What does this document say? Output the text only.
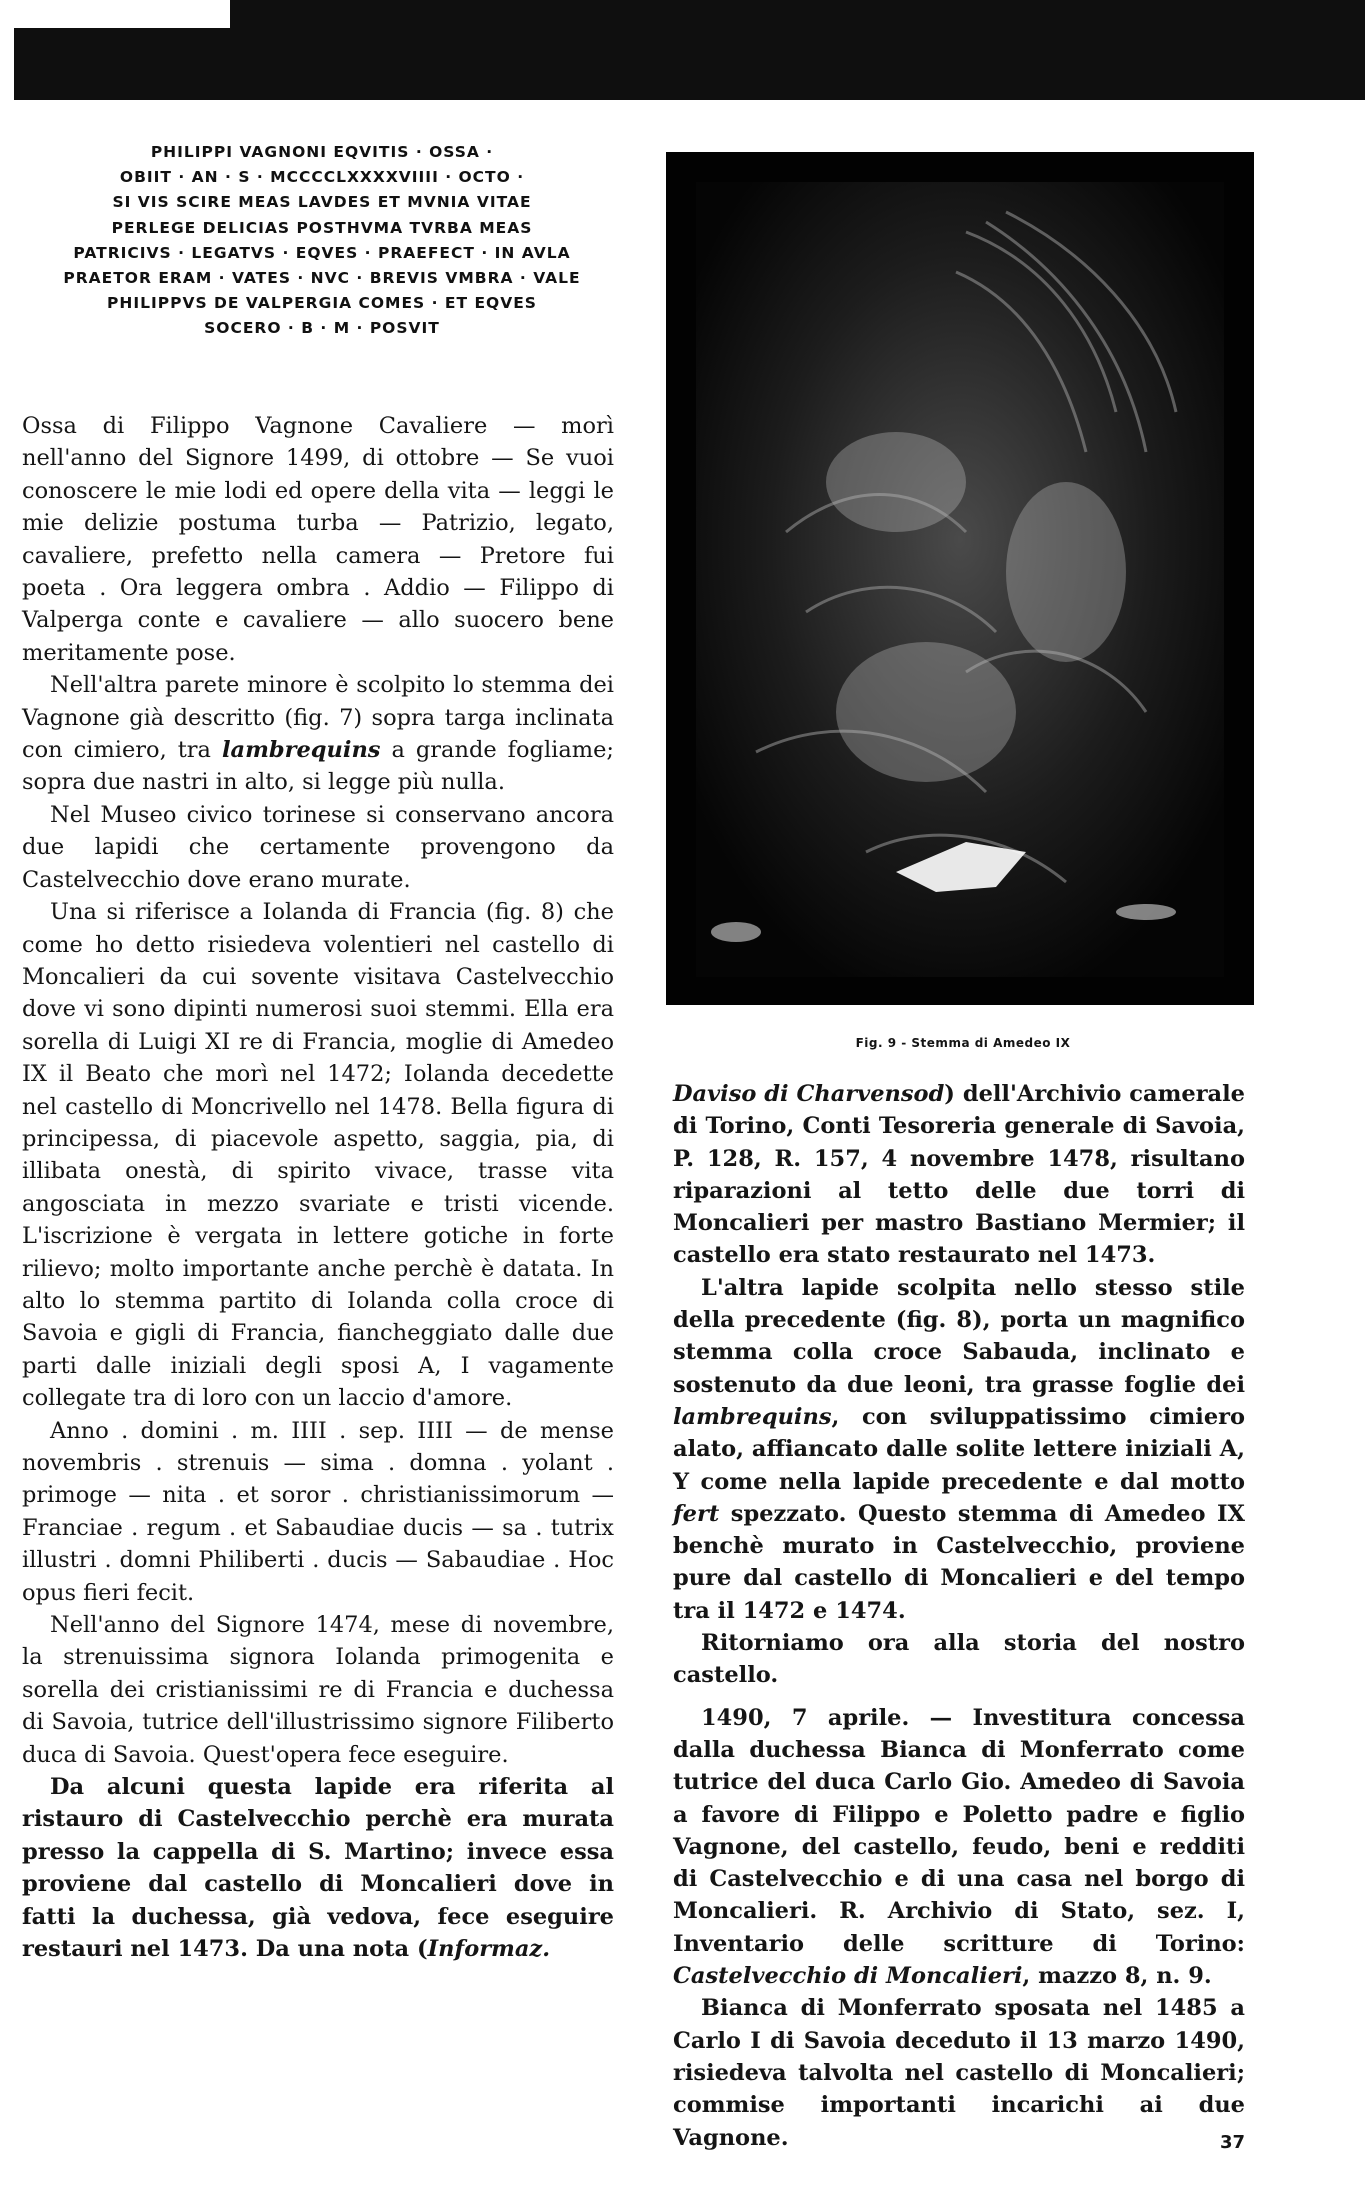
PHILIPPI VAGNONI EQVITIS · OSSA ·
OBIIT · AN · S · MCCCCLXXXXVIIII · OCTO ·
SI VIS SCIRE MEAS LAVDES ET MVNIA VITAE
PERLEGE DELICIAS POSTHVMA TVRBA MEAS
PATRICIVS · LEGATVS · EQVES · PRAEFECT · IN AVLA
PRAETOR ERAM · VATES · NVC · BREVIS VMBRA · VALE
PHILIPPVS DE VALPERGIA COMES · ET EQVES
SOCERO · B · M · POSVIT

Ossa di Filippo Vagnone Cavaliere — morì nell'anno del Signore 1499, di ottobre — Se vuoi conoscere le mie lodi ed opere della vita — leggi le mie delizie postuma turba — Patrizio, legato, cavaliere, prefetto nella camera — Pretore fui poeta . Ora leggera ombra . Addio — Filippo di Valperga conte e cavaliere — allo suocero bene meritamente pose.

Nell'altra parete minore è scolpito lo stemma dei Vagnone già descritto (fig. 7) sopra targa inclinata con cimiero, tra lambrequins a grande fogliame; sopra due nastri in alto, si legge più nulla.

Nel Museo civico torinese si conservano ancora due lapidi che certamente provengono da Castelvecchio dove erano murate.

Una si riferisce a Iolanda di Francia (fig. 8) che come ho detto risiedeva volentieri nel castello di Moncalieri da cui sovente visitava Castelvecchio dove vi sono dipinti numerosi suoi stemmi. Ella era sorella di Luigi XI re di Francia, moglie di Amedeo IX il Beato che morì nel 1472; Iolanda decedette nel castello di Moncrivello nel 1478. Bella figura di principessa, di piacevole aspetto, saggia, pia, di illibata onestà, di spirito vivace, trasse vita angosciata in mezzo svariate e tristi vicende. L'iscrizione è vergata in lettere gotiche in forte rilievo; molto importante anche perchè è datata. In alto lo stemma partito di Iolanda colla croce di Savoia e gigli di Francia, fiancheggiato dalle due parti dalle iniziali degli sposi A, I vagamente collegate tra di loro con un laccio d'amore.

Anno . domini . m. IIII . sep. IIII — de mense novembris . strenuis — sima . domna . yolant . primoge — nita . et soror . christianissimorum — Franciae . regum . et Sabaudiae ducis — sa . tutrix illustri . domni Philiberti . ducis — Sabaudiae . Hoc opus fieri fecit.

Nell'anno del Signore 1474, mese di novembre, la strenuissima signora Iolanda primogenita e sorella dei cristianissimi re di Francia e duchessa di Savoia, tutrice dell'illustrissimo signore Filiberto duca di Savoia. Quest'opera fece eseguire.

Da alcuni questa lapide era riferita al ristauro di Castelvecchio perchè era murata presso la cappella di S. Martino; invece essa proviene dal castello di Moncalieri dove in fatti la duchessa, già vedova, fece eseguire restauri nel 1473. Da una nota (Informaz.

Fig. 9 - Stemma di Amedeo IX

Daviso di Charvensod) dell'Archivio camerale di Torino, Conti Tesoreria generale di Savoia, P. 128, R. 157, 4 novembre 1478, risultano riparazioni al tetto delle due torri di Moncalieri per mastro Bastiano Mermier; il castello era stato restaurato nel 1473.

L'altra lapide scolpita nello stesso stile della precedente (fig. 8), porta un magnifico stemma colla croce Sabauda, inclinato e sostenuto da due leoni, tra grasse foglie dei lambrequins, con sviluppatissimo cimiero alato, affiancato dalle solite lettere iniziali A, Y come nella lapide precedente e dal motto fert spezzato. Questo stemma di Amedeo IX benchè murato in Castelvecchio, proviene pure dal castello di Moncalieri e del tempo tra il 1472 e 1474.

Ritorniamo ora alla storia del nostro castello.

1490, 7 aprile. — Investitura concessa dalla duchessa Bianca di Monferrato come tutrice del duca Carlo Gio. Amedeo di Savoia a favore di Filippo e Poletto padre e figlio Vagnone, del castello, feudo, beni e redditi di Castelvecchio e di una casa nel borgo di Moncalieri. R. Archivio di Stato, sez. I, Inventario delle scritture di Torino: Castelvecchio di Moncalieri, mazzo 8, n. 9.

Bianca di Monferrato sposata nel 1485 a Carlo I di Savoia deceduto il 13 marzo 1490, risiedeva talvolta nel castello di Moncalieri; commise importanti incarichi ai due Vagnone.	37
